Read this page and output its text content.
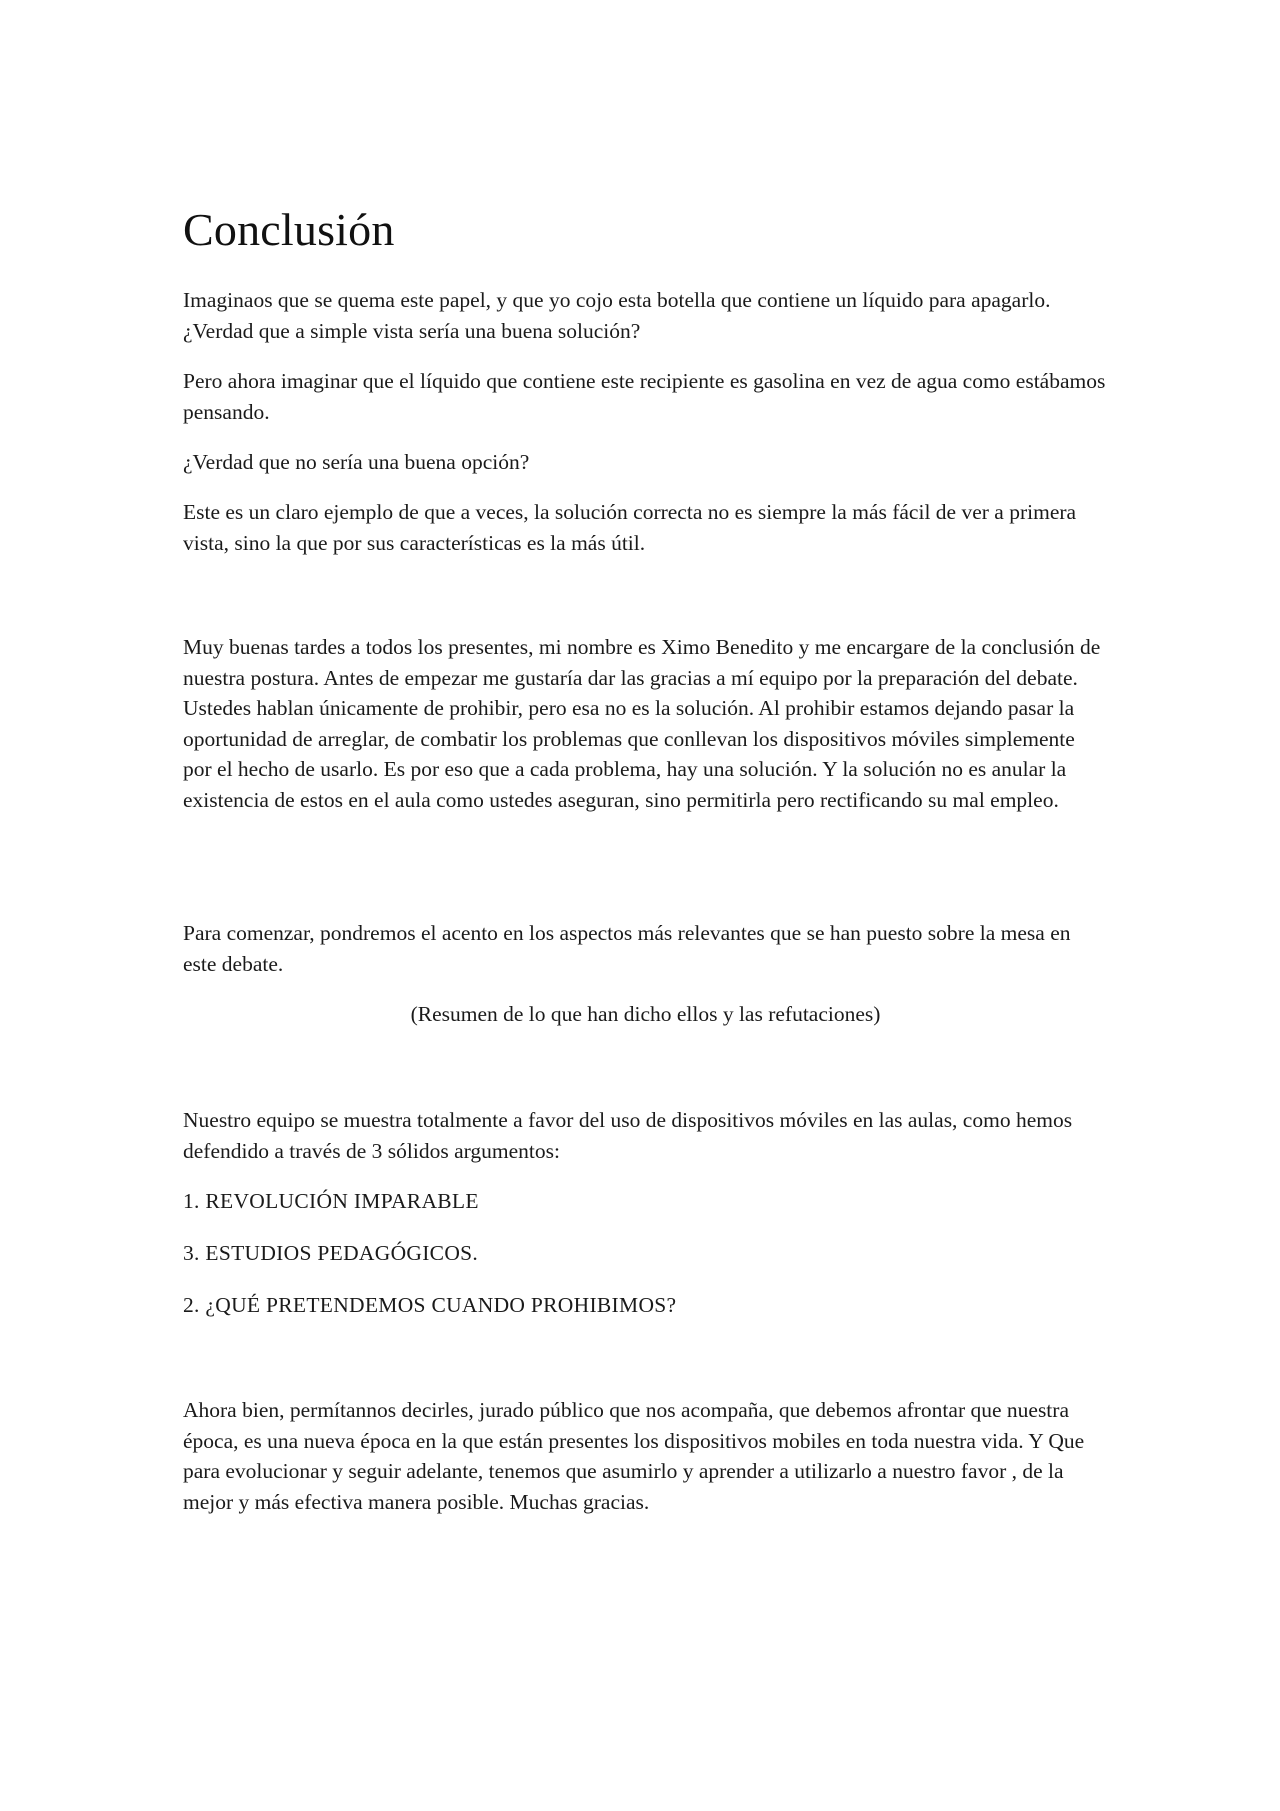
Conclusión

Imaginaos que se quema este papel, y que yo cojo esta botella que contiene un líquido para apagarlo. ¿Verdad que a simple vista sería una buena solución?

Pero ahora imaginar que el líquido que contiene este recipiente es gasolina en vez de agua como estábamos pensando.

¿Verdad que no sería una buena opción?

Este es un claro ejemplo de que a veces, la solución correcta no es siempre la más fácil de ver a primera vista, sino la que por sus características es la más útil.

Muy buenas tardes a todos los presentes, mi nombre es Ximo Benedito y me encargare de la conclusión de nuestra postura. Antes de empezar me gustaría dar las gracias a mí equipo por la preparación del debate. Ustedes hablan únicamente de prohibir, pero esa no es la solución. Al prohibir estamos dejando pasar la oportunidad de arreglar, de combatir los problemas que conllevan los dispositivos móviles simplemente por el hecho de usarlo. Es por eso que a cada problema, hay una solución. Y la solución no es anular la existencia de estos en el aula como ustedes aseguran, sino permitirla pero rectificando su mal empleo.

Para comenzar, pondremos el acento en los aspectos más relevantes que se han puesto sobre la mesa en este debate.

(Resumen de lo que han dicho ellos y las refutaciones)

Nuestro equipo se muestra totalmente a favor del uso de dispositivos móviles en las aulas, como hemos defendido a través de 3 sólidos argumentos:

1. REVOLUCIÓN IMPARABLE

3. ESTUDIOS PEDAGÓGICOS.

2. ¿QUÉ PRETENDEMOS CUANDO PROHIBIMOS?

Ahora bien, permítannos decirles, jurado público que nos acompaña, que debemos afrontar que nuestra época, es una nueva época en la que están presentes los dispositivos mobiles en toda nuestra vida. Y Que para evolucionar y seguir adelante, tenemos que asumirlo y aprender a utilizarlo a nuestro favor , de la mejor y más efectiva manera posible. Muchas gracias.
